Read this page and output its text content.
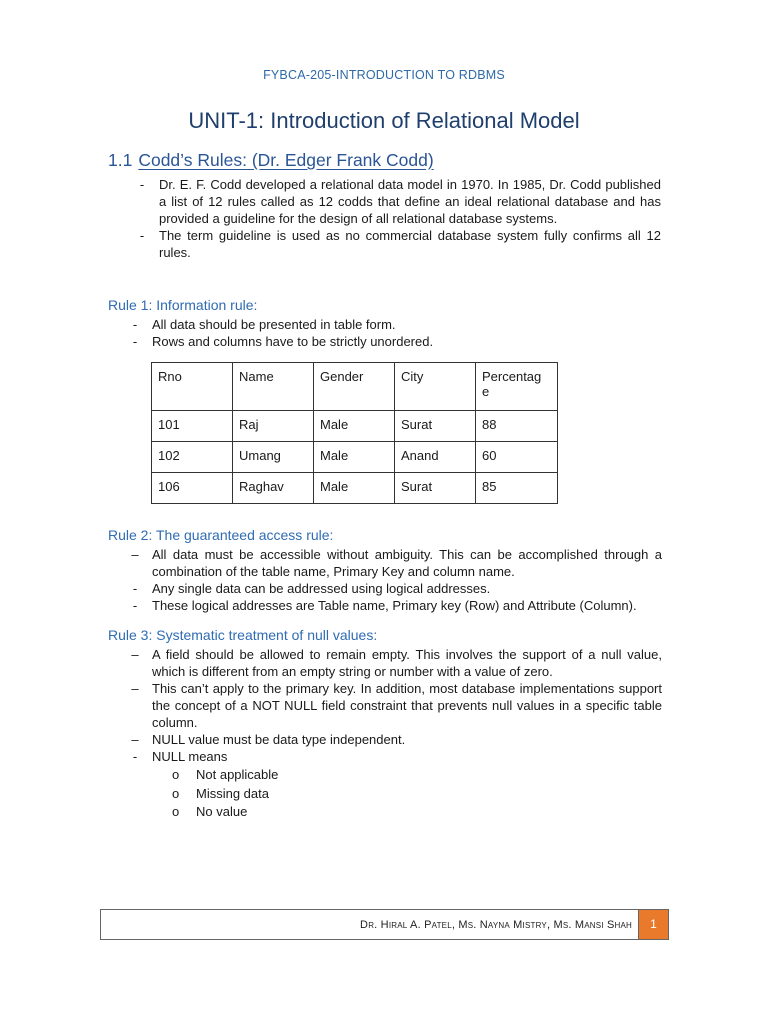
FYBCA-205-INTRODUCTION TO RDBMS
UNIT-1: Introduction of Relational Model
1.1 Codd’s Rules: (Dr. Edger Frank Codd)
-	Dr. E. F. Codd developed a relational data model in 1970. In 1985, Dr. Codd published a list of 12 rules called as 12 codds that define an ideal relational database and has provided a guideline for the design of all relational database systems.
-	The term guideline is used as no commercial database system fully confirms all 12 rules.
Rule 1: Information rule:
-	All data should be presented in table form.
-	Rows and columns have to be strictly unordered.
Rno	Name	Gender	City	Percentag e
101	Raj	Male	Surat	88
102	Umang	Male	Anand	60
106	Raghav	Male	Surat	85
Rule 2: The guaranteed access rule:
– All data must be accessible without ambiguity. This can be accomplished through a combination of the table name, Primary Key and column name.
-	Any single data can be addressed using logical addresses.
-	These logical addresses are Table name, Primary key (Row) and Attribute (Column).
Rule 3: Systematic treatment of null values:
– A field should be allowed to remain empty. This involves the support of a null value, which is different from an empty string or number with a value of zero.
– This can’t apply to the primary key. In addition, most database implementations support the concept of a NOT NULL field constraint that prevents null values in a specific table column.
– NULL value must be data type independent.
-	NULL means
o Not applicable
o Missing data
o No value
Dr. Hiral A. Patel, Ms. Nayna Mistry, Ms. Mansi Shah	1
